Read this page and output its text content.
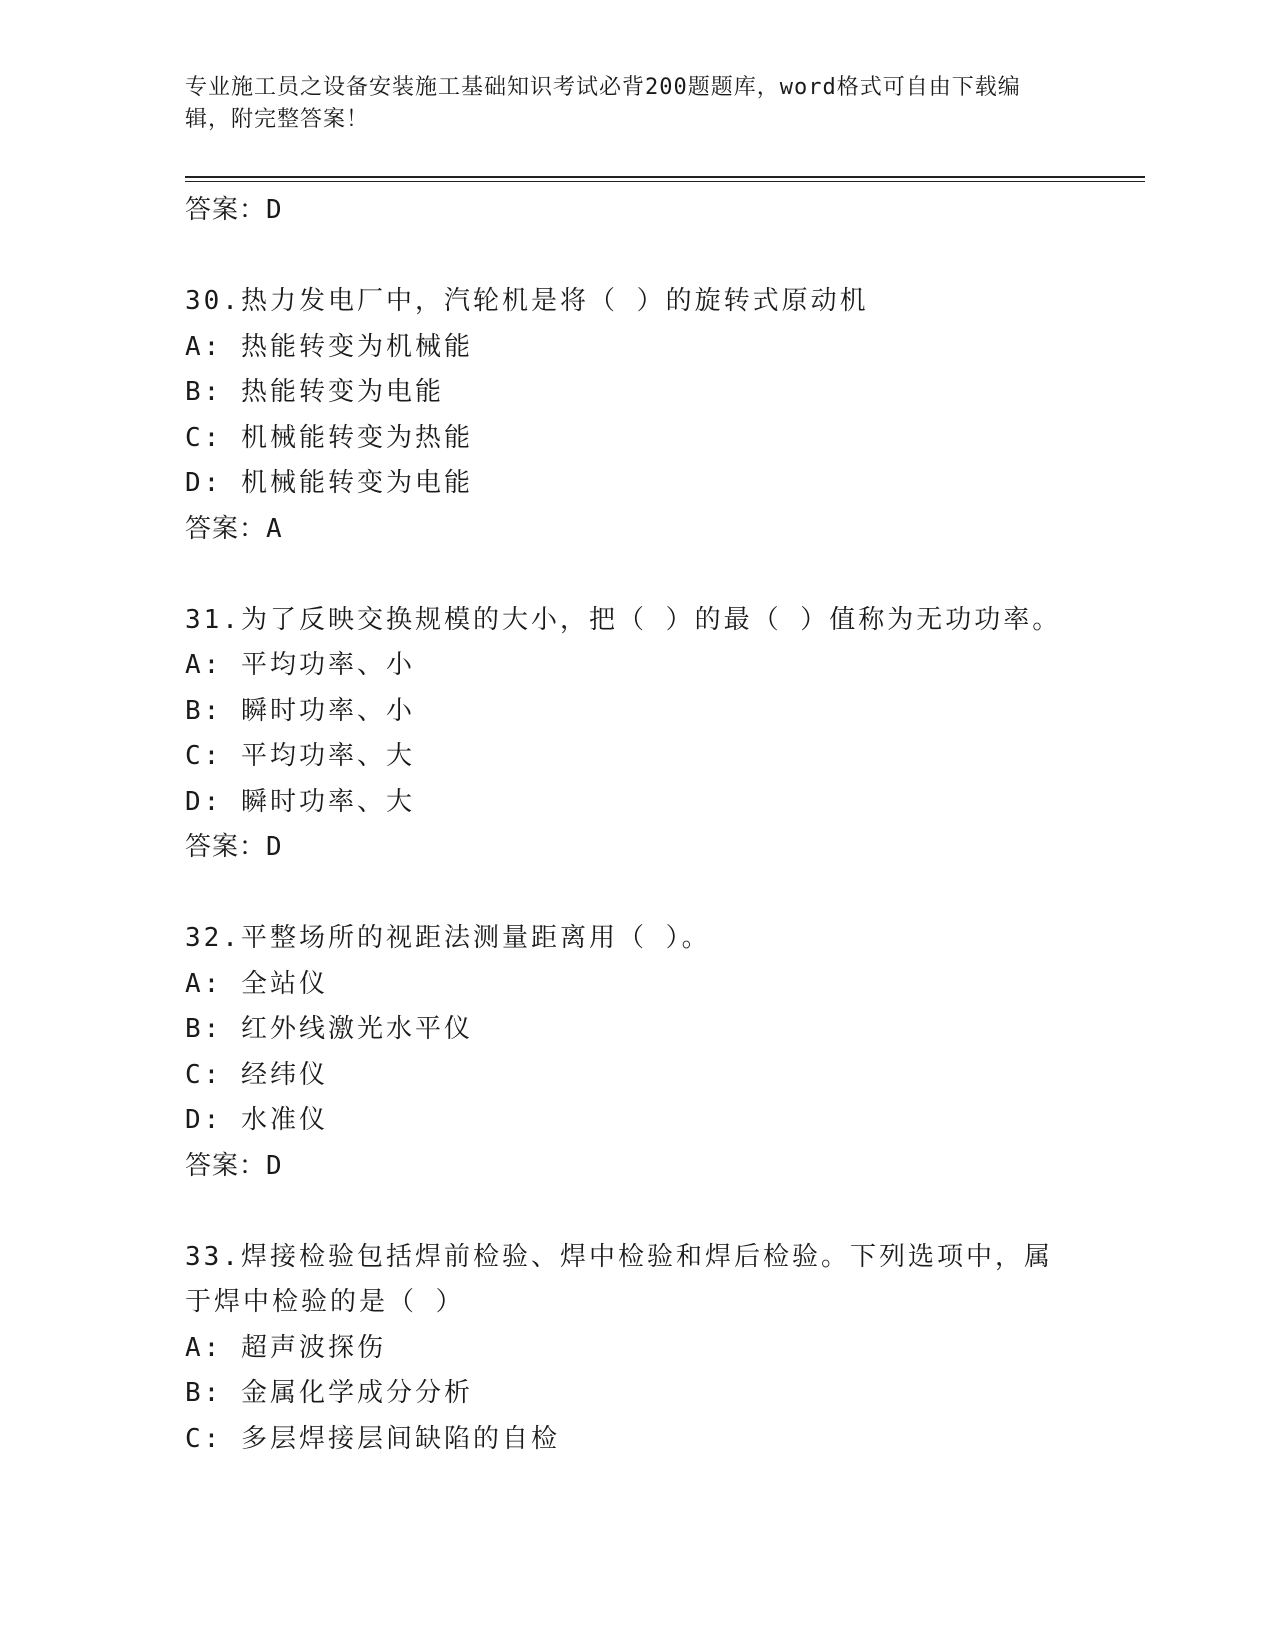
专业施工员之设备安装施工基础知识考试必背200题题库，word格式可自由下载编辑，附完整答案！
答案：D
30.热力发电厂中，汽轮机是将（ ）的旋转式原动机
A: 热能转变为机械能
B: 热能转变为电能
C: 机械能转变为热能
D: 机械能转变为电能
答案：A
31.为了反映交换规模的大小，把（ ）的最（ ）值称为无功功率。
A: 平均功率、小
B: 瞬时功率、小
C: 平均功率、大
D: 瞬时功率、大
答案：D
32.平整场所的视距法测量距离用（ ）。
A: 全站仪
B: 红外线激光水平仪
C: 经纬仪
D: 水准仪
答案：D
33.焊接检验包括焊前检验、焊中检验和焊后检验。下列选项中，属于焊中检验的是（ ）
A: 超声波探伤
B: 金属化学成分分析
C: 多层焊接层间缺陷的自检
